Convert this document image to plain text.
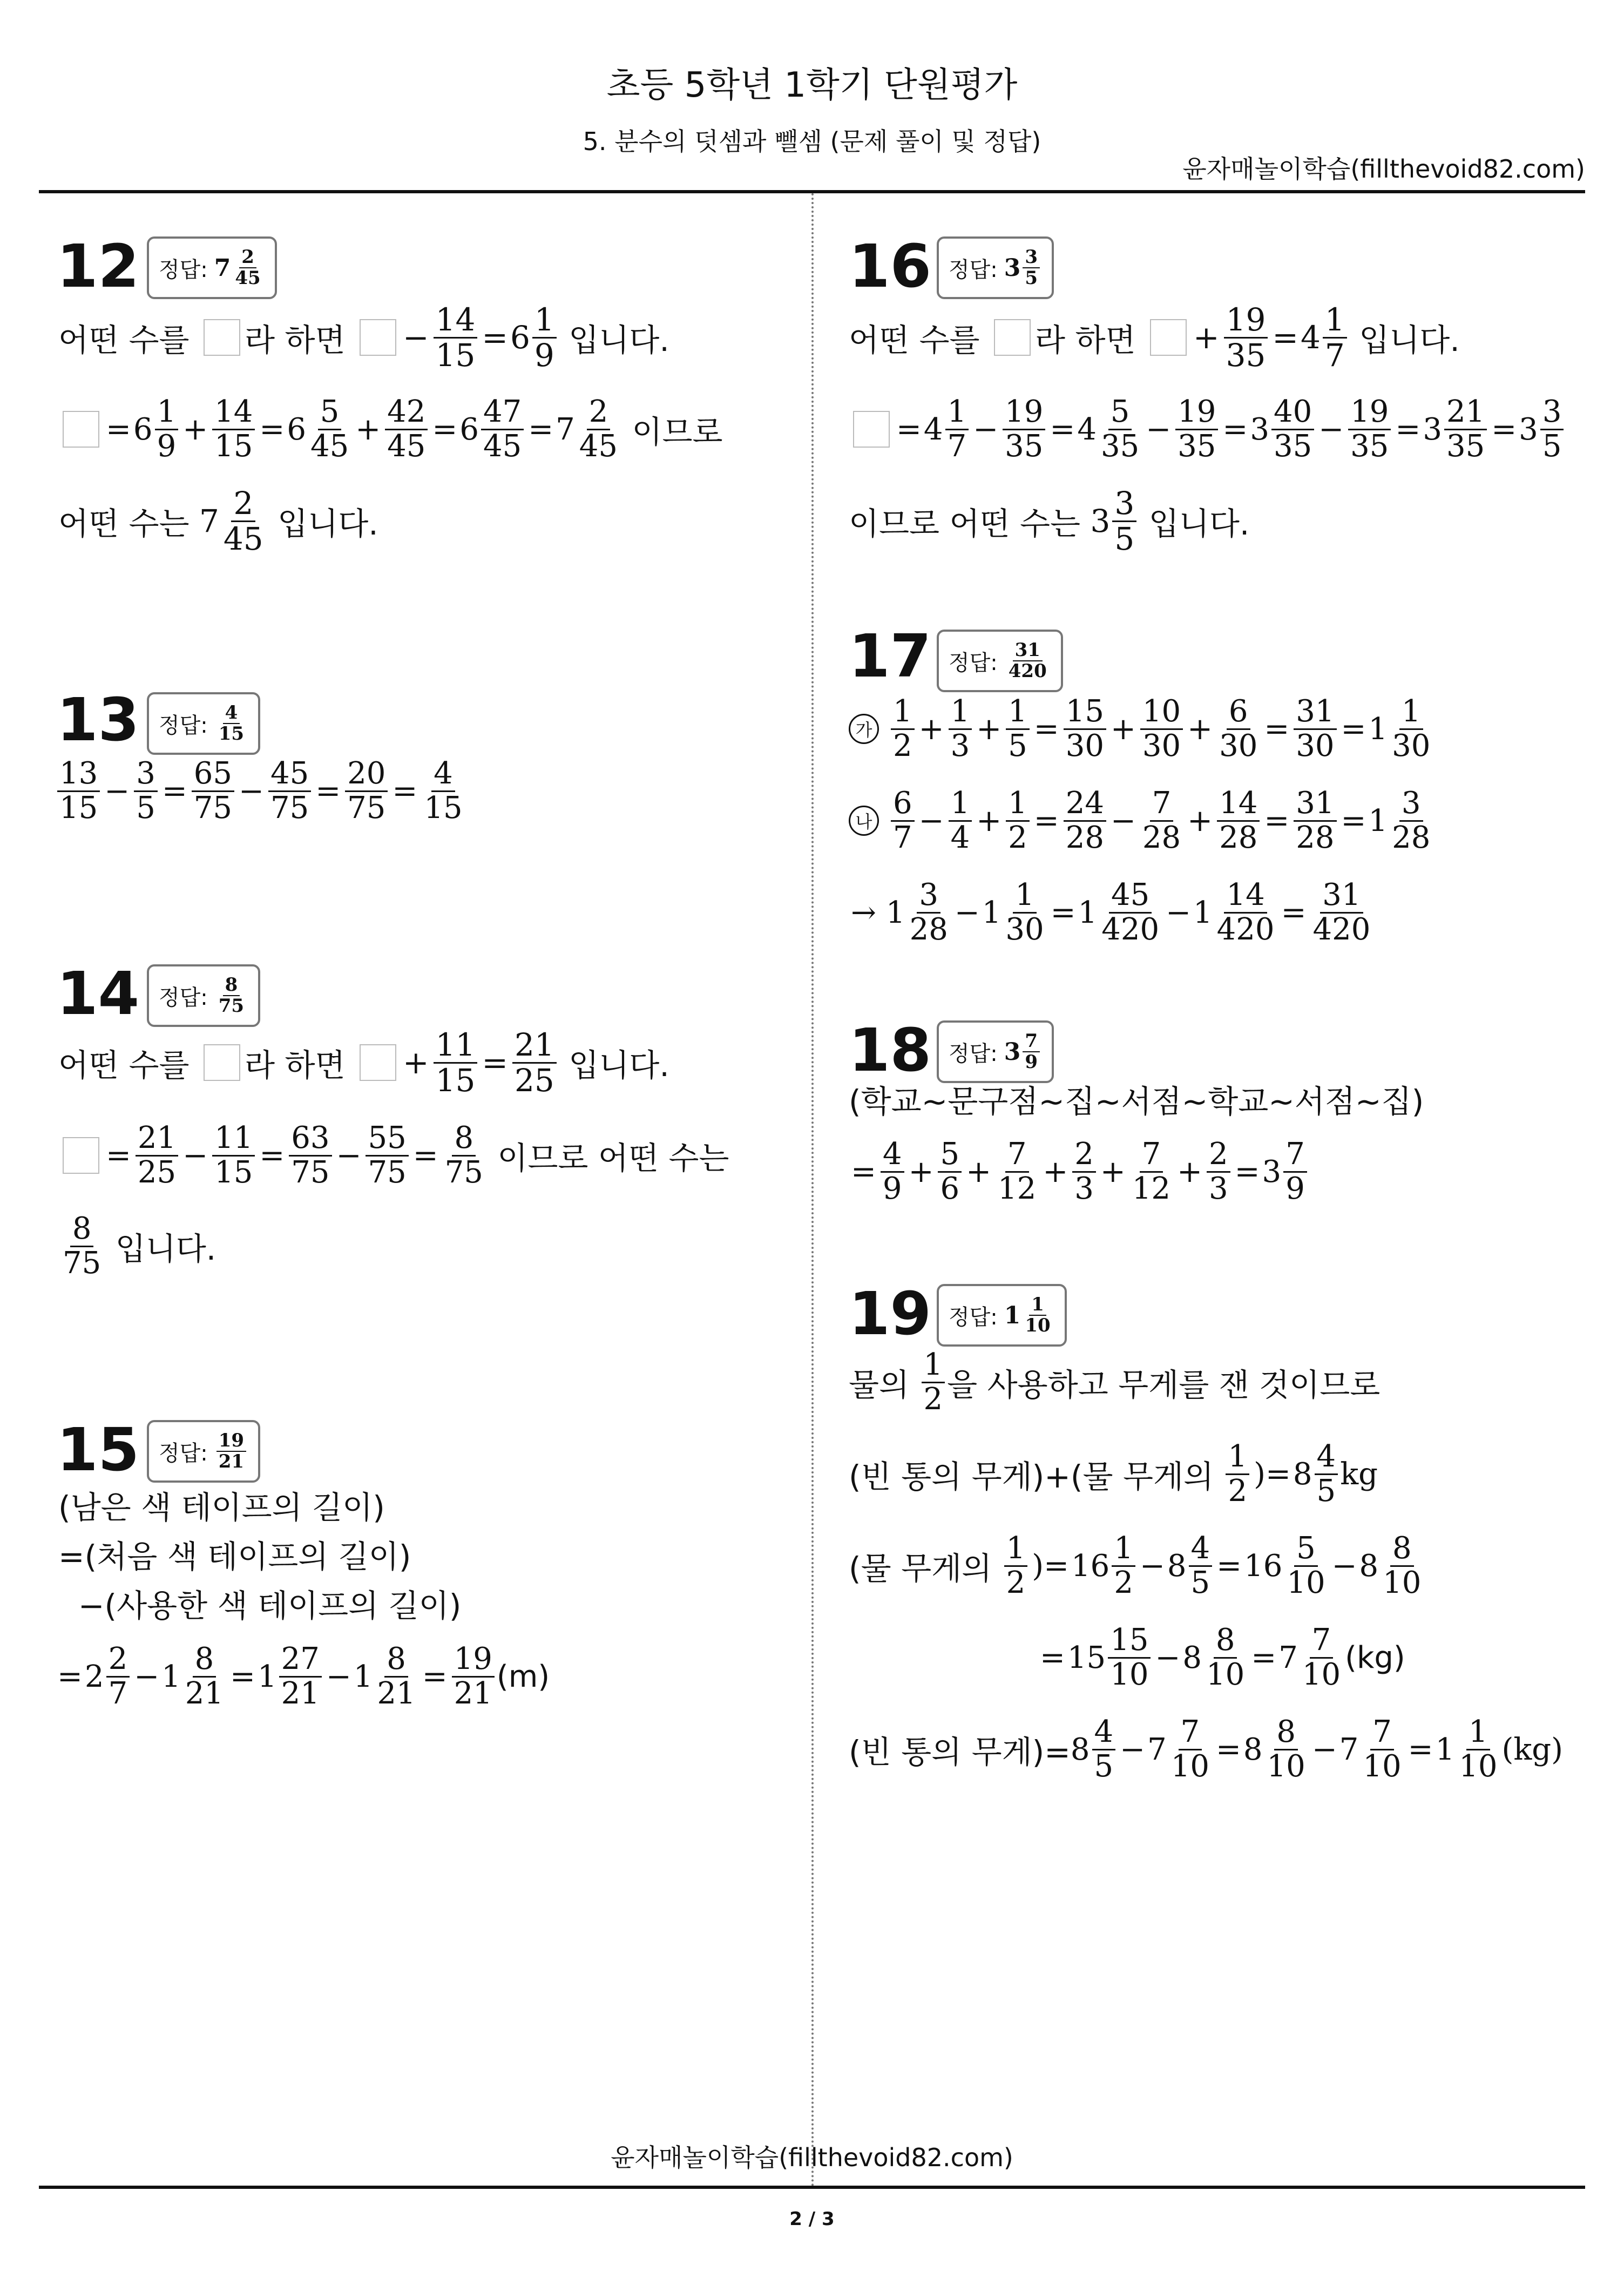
초등 5학년 1학기 단원평가
5. 분수의 덧셈과 뺄셈 (문제 풀이 및 정답)
윤자매놀이학습(fillthevoid82.com)
12 정답: $7 \frac{2}{45}$
어떤 수를 라 하면 − $\frac{14}{15} = 6 \frac{1}{9}$ 입니다.
= $6 \frac{1}{9} + \frac{14}{15} = 6 \frac{5}{45} + \frac{42}{45} = 6 \frac{47}{45} = 7 \frac{2}{45}$ 이므로
어떤 수는 $7 \frac{2}{45}$ 입니다.
13 정답: $\frac{4}{15}$
$\frac{13}{15} - \frac{3}{5} = \frac{65}{75} - \frac{45}{75} = \frac{20}{75} = \frac{4}{15}$
14 정답: $\frac{8}{75}$
어떤 수를 라 하면 + $\frac{11}{15} = \frac{21}{25}$ 입니다.
= $\frac{21}{25} - \frac{11}{15} = \frac{63}{75} - \frac{55}{75} = \frac{8}{75}$ 이므로 어떤 수는
$\frac{8}{75}$ 입니다.
15 정답: $\frac{19}{21}$
(남은 색 테이프의 길이)
=(처음 색 테이프의 길이)
−(사용한 색 테이프의 길이)
= $2 \frac{2}{7} - 1 \frac{8}{21} = 1 \frac{27}{21} - 1 \frac{8}{21} = \frac{19}{21} (m)$
16 정답: $3 \frac{3}{5}$
어떤 수를 라 하면 + $\frac{19}{35} = 4 \frac{1}{7}$ 입니다.
= $4 \frac{1}{7} - \frac{19}{35} = 4 \frac{5}{35} - \frac{19}{35} = 3 \frac{40}{35} - \frac{19}{35} = 3 \frac{21}{35} = 3 \frac{3}{5}$
이므로 어떤 수는 $3 \frac{3}{5}$ 입니다.
17 정답: $\frac{31}{420}$
가 $\frac{1}{2} + \frac{1}{3} + \frac{1}{5} = \frac{15}{30} + \frac{10}{30} + \frac{6}{30} = \frac{31}{30} = 1 \frac{1}{30}$
나 $\frac{6}{7} - \frac{1}{4} + \frac{1}{2} = \frac{24}{28} - \frac{7}{28} + \frac{14}{28} = \frac{31}{28} = 1 \frac{3}{28}$
→ $1 \frac{3}{28} - 1 \frac{1}{30} = 1 \frac{45}{420} - 1 \frac{14}{420} = \frac{31}{420}$
18 정답: $3 \frac{7}{9}$
(학교~문구점~집~서점~학교~서점~집)
= $\frac{4}{9} + \frac{5}{6} + \frac{7}{12} + \frac{2}{3} + \frac{7}{12} + \frac{2}{3} = 3 \frac{7}{9}$
19 정답: $1 \frac{1}{10}$
물의 $\frac{1}{2}$ 을 사용하고 무게를 잰 것이므로
(빈 통의 무게)+(물 무게의 $\frac{1}{2}$ )= $8 \frac{4}{5}$ kg
(물 무게의 $\frac{1}{2}$ )= $16 \frac{1}{2} - 8 \frac{4}{5} = 16 \frac{5}{10} - 8 \frac{8}{10}$
= $15 \frac{15}{10} - 8 \frac{8}{10} = 7 \frac{7}{10} (kg)$
(빈 통의 무게)= $8 \frac{4}{5} - 7 \frac{7}{10} = 8 \frac{8}{10} - 7 \frac{7}{10} = 1 \frac{1}{10} (kg)$
윤자매놀이학습(fillthevoid82.com)
2 / 3
